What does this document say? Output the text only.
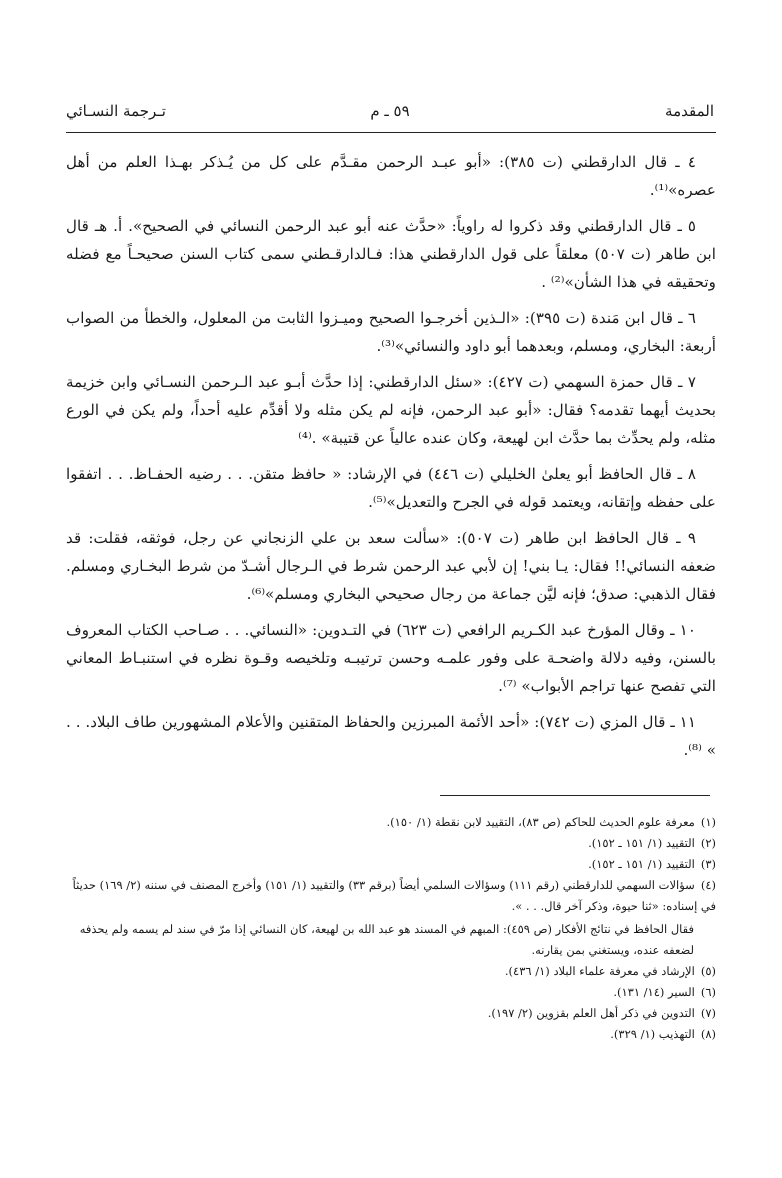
المقدمة
٥٩ ـ م
تـرجمة النسـائي

٤ ـ قال الدارقطني (ت ٣٨٥): «أبو عبـد الرحمن مقـدَّم على كل من يُـذكر بهـذا العلم من أهل عصره»⁽¹⁾.

٥ ـ قال الدارقطني وقد ذكروا له راوياً: «حدَّث عنه أبو عبد الرحمن النسائي في الصحيح». أ. هـ قال ابن طاهر (ت ٥٠٧) معلقاً على قول الدارقطني هذا: فـالدارقـطني سمى كتاب السنن صحيحـاً مع فضله وتحقيقه في هذا الشأن»⁽²⁾ .

٦ ـ قال ابن مَندة (ت ٣٩٥): «الـذين أخرجـوا الصحيح وميـزوا الثابت من المعلول، والخطأ من الصواب أربعة: البخاري، ومسلم، وبعدهما أبو داود والنسائي»⁽³⁾.

٧ ـ قال حمزة السهمي (ت ٤٢٧): «سئل الدارقطني: إذا حدَّث أبـو عبد الـرحمن النسـائي وابن خزيمة بحديث أيهما تقدمه؟ فقال: «أبو عبد الرحمن، فإنه لم يكن مثله ولا أقدِّم عليه أحداً، ولم يكن في الورع مثله، ولم يحدِّث بما حدَّث ابن لهيعة، وكان عنده عالياً عن قتيبة» .⁽⁴⁾

٨ ـ قال الحافظ أبو يعلىٰ الخليلي (ت ٤٤٦) في الإرشاد: « حافظ متقن. . . رضيه الحفـاظ. . . اتفقوا على حفظه وإتقانه، ويعتمد قوله في الجرح والتعديل»⁽⁵⁾.

٩ ـ قال الحافظ ابن طاهر (ت ٥٠٧): «سألت سعد بن علي الزنجاني عن رجل، فوثقه، فقلت: قد ضعفه النسائي!! فقال: يـا بني! إن لأبي عبد الرحمن شرط في الـرجال أشـدّ من شرط البخـاري ومسلم. فقال الذهبي: صدق؛ فإنه ليَّن جماعة من رجال صحيحي البخاري ومسلم»⁽⁶⁾.

١٠ ـ وقال المؤرخ عبد الكـريم الرافعي (ت ٦٢٣) في التـدوين: «النسائي. . . صـاحب الكتاب المعروف بالسنن، وفيه دلالة واضحـة على وفور علمـه وحسن ترتيبـه وتلخيصه وقـوة نظره في استنبـاط المعاني التي تفصح عنها تراجم الأبواب» ⁽⁷⁾.

١١ ـ قال المزي (ت ٧٤٢): «أحد الأئمة المبرزين والحفاظ المتقنين والأعلام المشهورين طاف البلاد. . . » ⁽⁸⁾.

(١)معرفة علوم الحديث للحاكم (ص ٨٣)، التقييد لابن نقطة (١/ ١٥٠).

(٢)التقييد (١/ ١٥١ ـ ١٥٢).

(٣)التقييد (١/ ١٥١ ـ ١٥٢).

(٤)سؤالات السهمي للدارقطني (رقم ١١١) وسؤالات السلمي أيضاً (برقم ٣٣) والتقييد (١/ ١٥١) وأخرج المصنف في سننه (٢/ ١٦٩) حديثاً في إسناده: «ثنا حيوة، وذكر آخر قال. . . ».

فقال الحافظ في نتائج الأفكار (ص ٤٥٩): المبهم في المسند هو عبد الله بن لهيعة، كان النسائي إذا مرّ في سند لم يسمه ولم يحذفه لضعفه عنده، ويستغني بمن يقارنه.

(٥)الإرشاد في معرفة علماء البلاد (١/ ٤٣٦).

(٦)السير (١٤/ ١٣١).

(٧)التدوين في ذكر أهل العلم بقزوين (٢/ ١٩٧).

(٨)التهذيب (١/ ٣٢٩).
